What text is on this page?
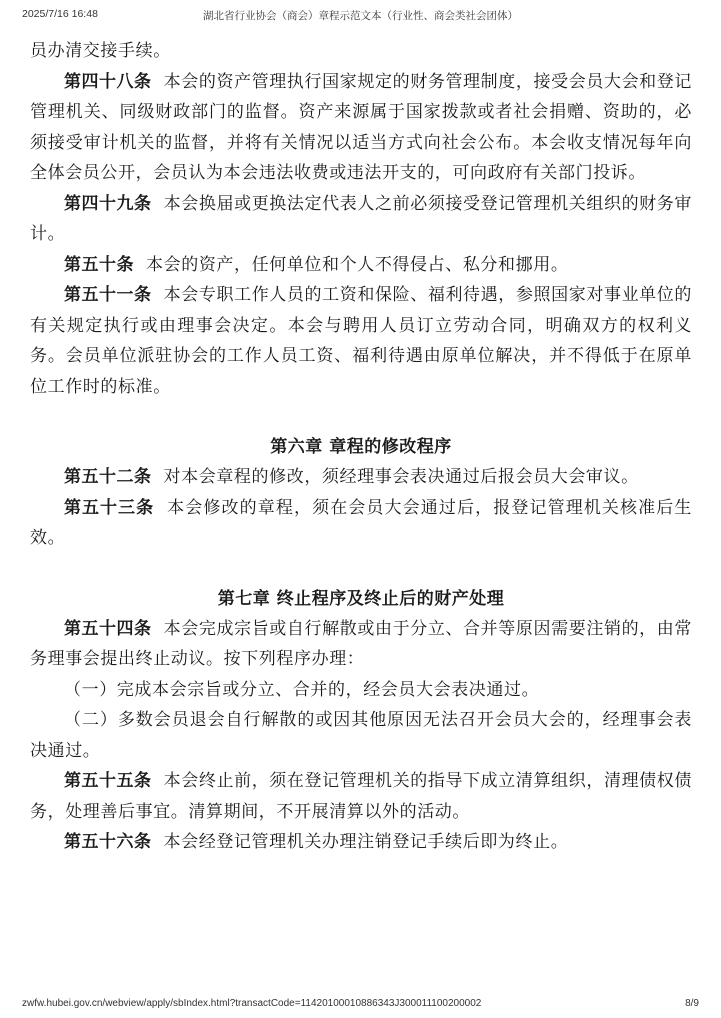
2025/7/16 16:48	湖北省行业协会（商会）章程示范文本（行业性、商会类社会团体）

员办清交接手续。

第四十八条 本会的资产管理执行国家规定的财务管理制度，接受会员大会和登记管理机关、同级财政部门的监督。资产来源属于国家拨款或者社会捐赠、资助的，必须接受审计机关的监督，并将有关情况以适当方式向社会公布。本会收支情况每年向全体会员公开，会员认为本会违法收费或违法开支的，可向政府有关部门投诉。

第四十九条 本会换届或更换法定代表人之前必须接受登记管理机关组织的财务审计。

第五十条 本会的资产，任何单位和个人不得侵占、私分和挪用。

第五十一条 本会专职工作人员的工资和保险、福利待遇，参照国家对事业单位的有关规定执行或由理事会决定。本会与聘用人员订立劳动合同，明确双方的权利义务。会员单位派驻协会的工作人员工资、福利待遇由原单位解决，并不得低于在原单位工作时的标准。

第六章 章程的修改程序

第五十二条 对本会章程的修改，须经理事会表决通过后报会员大会审议。

第五十三条 本会修改的章程，须在会员大会通过后，报登记管理机关核准后生效。

第七章 终止程序及终止后的财产处理

第五十四条 本会完成宗旨或自行解散或由于分立、合并等原因需要注销的，由常务理事会提出终止动议。按下列程序办理：

（一）完成本会宗旨或分立、合并的，经会员大会表决通过。

（二）多数会员退会自行解散的或因其他原因无法召开会员大会的，经理事会表决通过。

第五十五条 本会终止前，须在登记管理机关的指导下成立清算组织，清理债权债务，处理善后事宜。清算期间，不开展清算以外的活动。

第五十六条 本会经登记管理机关办理注销登记手续后即为终止。

zwfw.hubei.gov.cn/webview/apply/sbIndex.html?transactCode=11420100010886343J300011100200002	8/9
